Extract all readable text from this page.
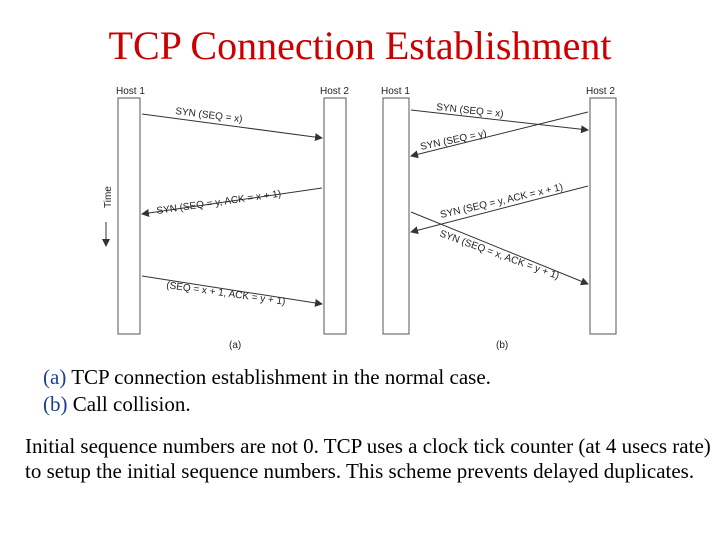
TCP Connection Establishment
Host 1	Host 2
Time
SYN (SEQ = x)
SYN (SEQ = y, ACK = x + 1)
(SEQ = x + 1, ACK = y + 1)
(a)
Host 1	Host 2
SYN (SEQ = x)
SYN (SEQ = y)
SYN (SEQ = y, ACK = x + 1)
SYN (SEQ = x, ACK = y + 1)
(b)
(a) TCP connection establishment in the normal case.
(b) Call collision.
Initial sequence numbers are not 0. TCP uses a clock tick counter (at 4 usecs rate) to setup the initial sequence numbers. This scheme prevents delayed duplicates.
